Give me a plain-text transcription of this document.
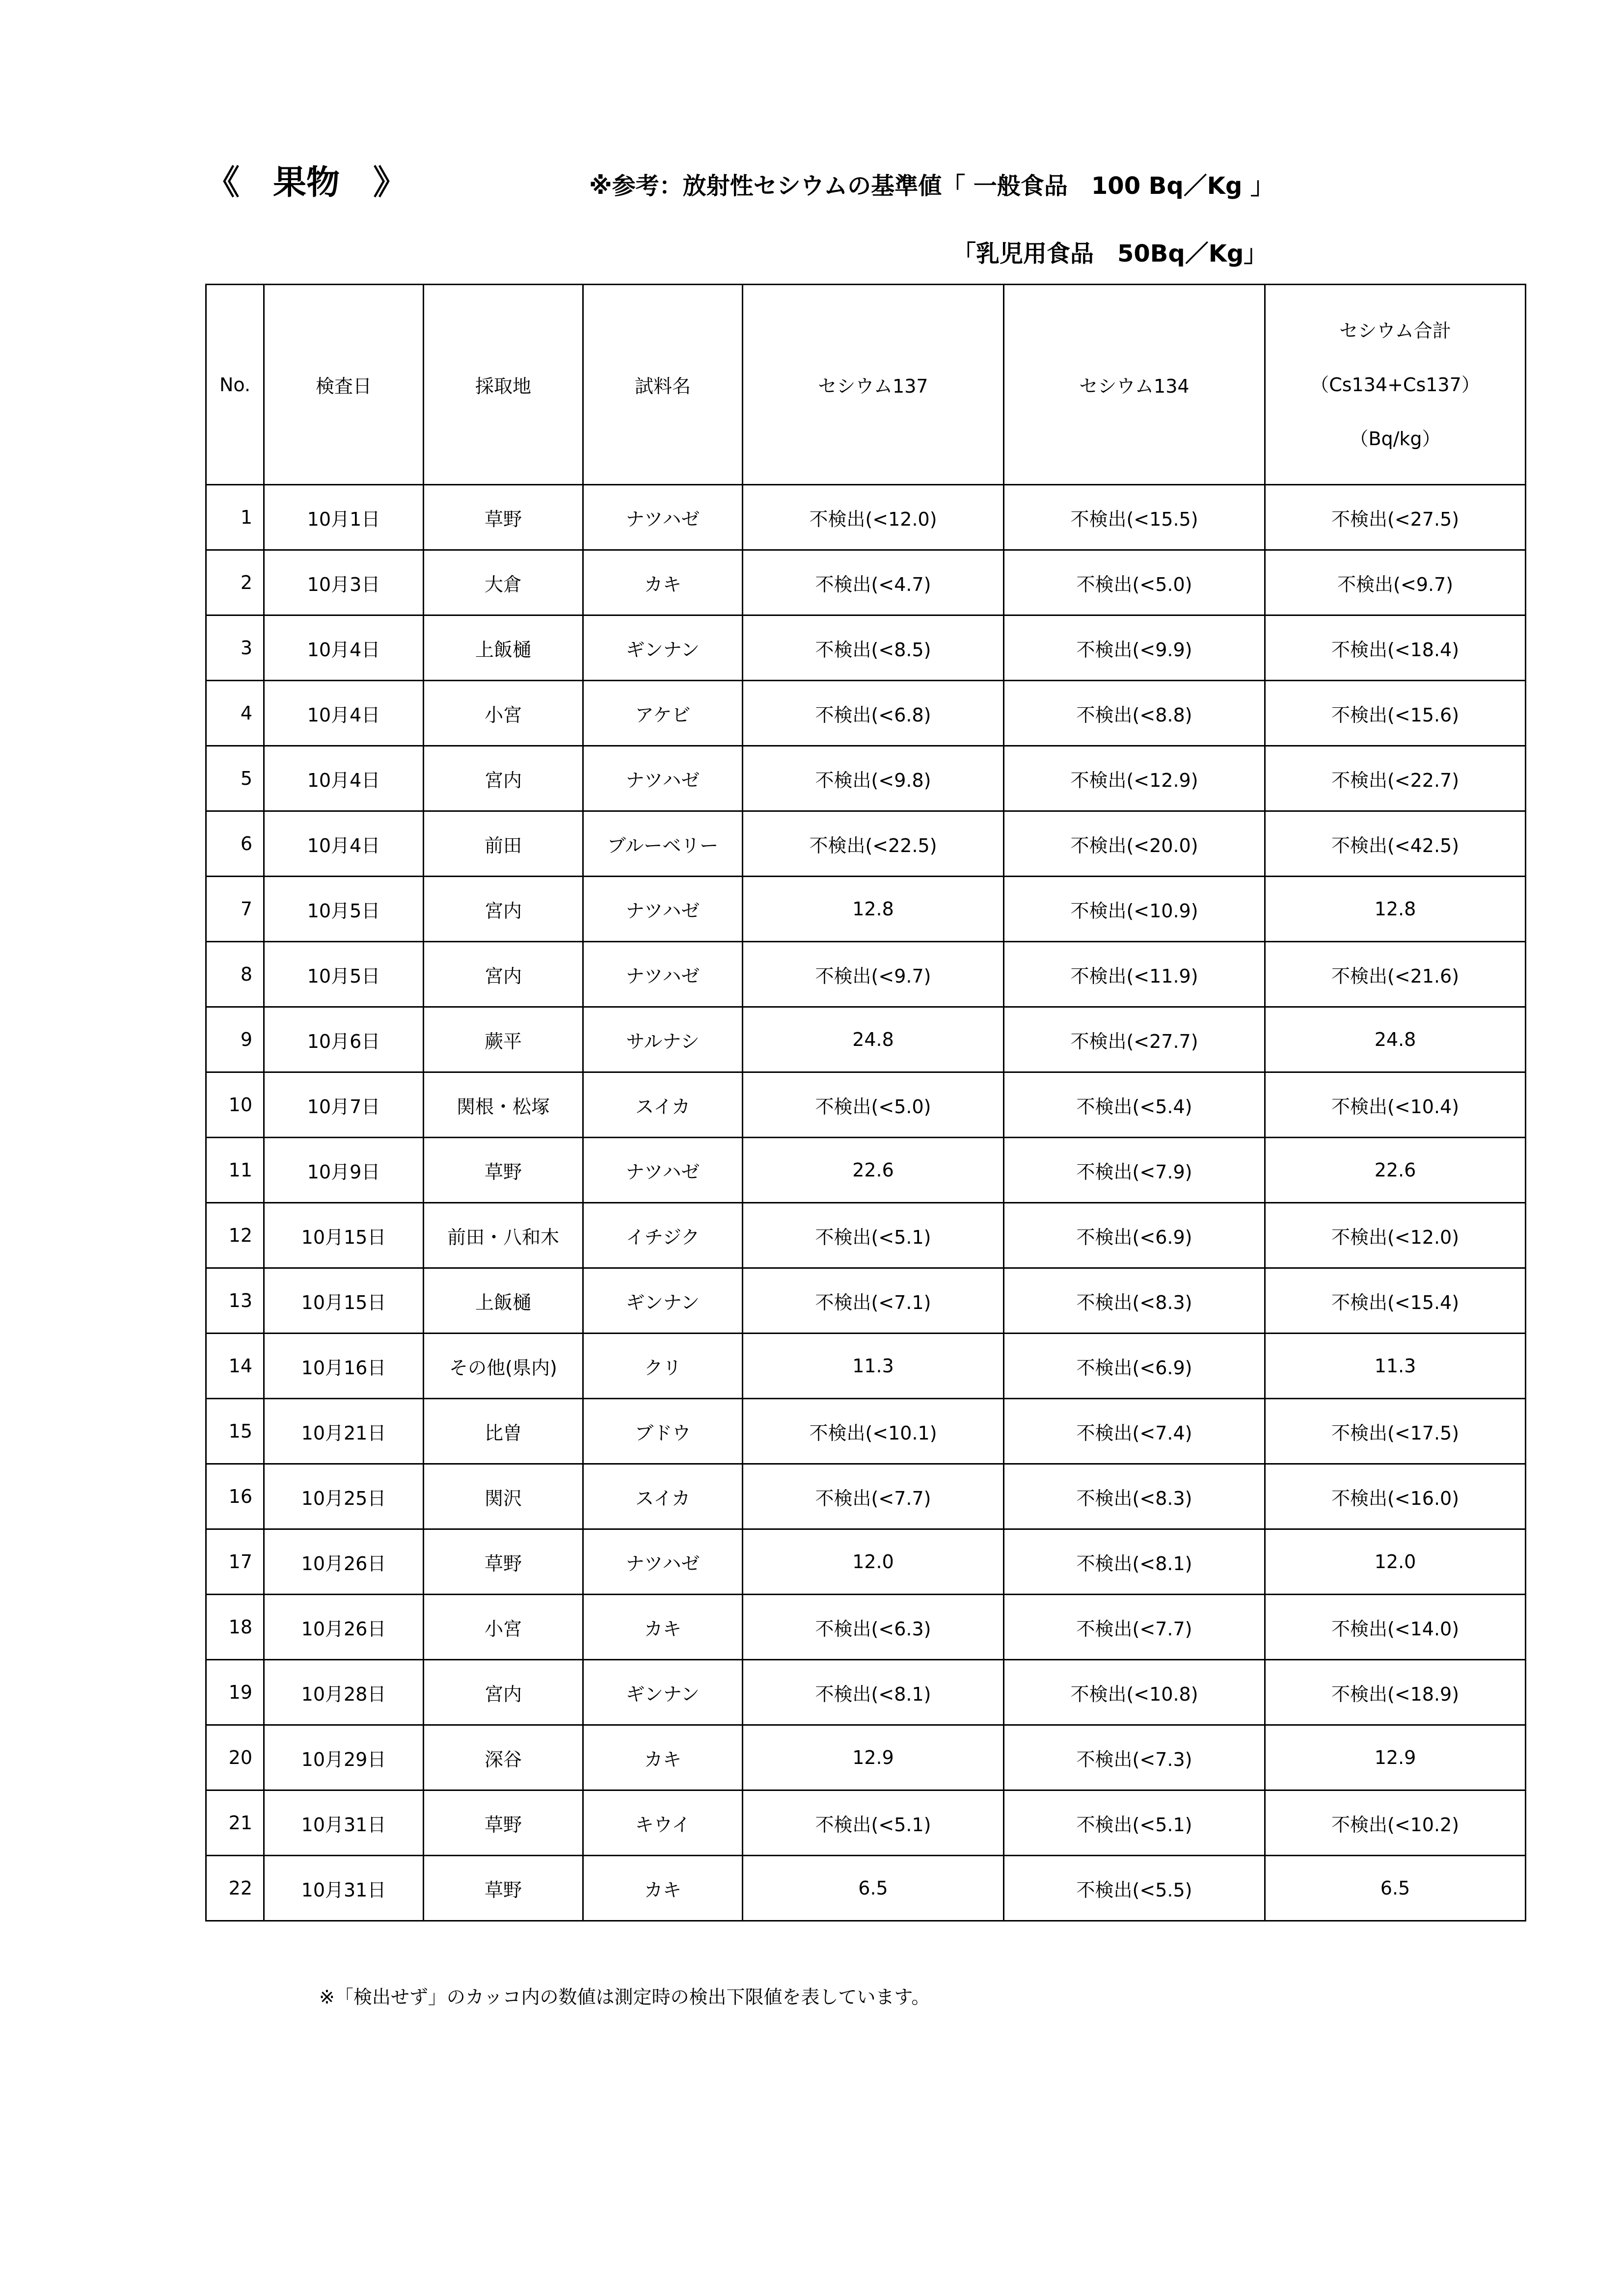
《　果物　》	※参考：放射性セシウムの基準値「 一般食品　100 Bq／Kg 」
「乳児用食品　50Bq／Kg」
No.	検査日	採取地	試料名	セシウム137	セシウム134	セシウム合計
（Cs134+Cs137）
（Bq/kg）

1	10月1日	草野	ナツハゼ	不検出(<12.0)	不検出(<15.5)	不検出(<27.5)
2	10月3日	大倉	カキ	不検出(<4.7)	不検出(<5.0)	不検出(<9.7)
3	10月4日	上飯樋	ギンナン	不検出(<8.5)	不検出(<9.9)	不検出(<18.4)
4	10月4日	小宮	アケビ	不検出(<6.8)	不検出(<8.8)	不検出(<15.6)
5	10月4日	宮内	ナツハゼ	不検出(<9.8)	不検出(<12.9)	不検出(<22.7)
6	10月4日	前田	ブルーベリー	不検出(<22.5)	不検出(<20.0)	不検出(<42.5)
7	10月5日	宮内	ナツハゼ	12.8	不検出(<10.9)	12.8
8	10月5日	宮内	ナツハゼ	不検出(<9.7)	不検出(<11.9)	不検出(<21.6)
9	10月6日	蕨平	サルナシ	24.8	不検出(<27.7)	24.8
10	10月7日	関根・松塚	スイカ	不検出(<5.0)	不検出(<5.4)	不検出(<10.4)
11	10月9日	草野	ナツハゼ	22.6	不検出(<7.9)	22.6
12	10月15日	前田・八和木	イチジク	不検出(<5.1)	不検出(<6.9)	不検出(<12.0)
13	10月15日	上飯樋	ギンナン	不検出(<7.1)	不検出(<8.3)	不検出(<15.4)
14	10月16日	その他(県内)	クリ	11.3	不検出(<6.9)	11.3
15	10月21日	比曽	ブドウ	不検出(<10.1)	不検出(<7.4)	不検出(<17.5)
16	10月25日	関沢	スイカ	不検出(<7.7)	不検出(<8.3)	不検出(<16.0)
17	10月26日	草野	ナツハゼ	12.0	不検出(<8.1)	12.0
18	10月26日	小宮	カキ	不検出(<6.3)	不検出(<7.7)	不検出(<14.0)
19	10月28日	宮内	ギンナン	不検出(<8.1)	不検出(<10.8)	不検出(<18.9)
20	10月29日	深谷	カキ	12.9	不検出(<7.3)	12.9
21	10月31日	草野	キウイ	不検出(<5.1)	不検出(<5.1)	不検出(<10.2)
22	10月31日	草野	カキ	6.5	不検出(<5.5)	6.5
※「検出せず」のカッコ内の数値は測定時の検出下限値を表しています。
